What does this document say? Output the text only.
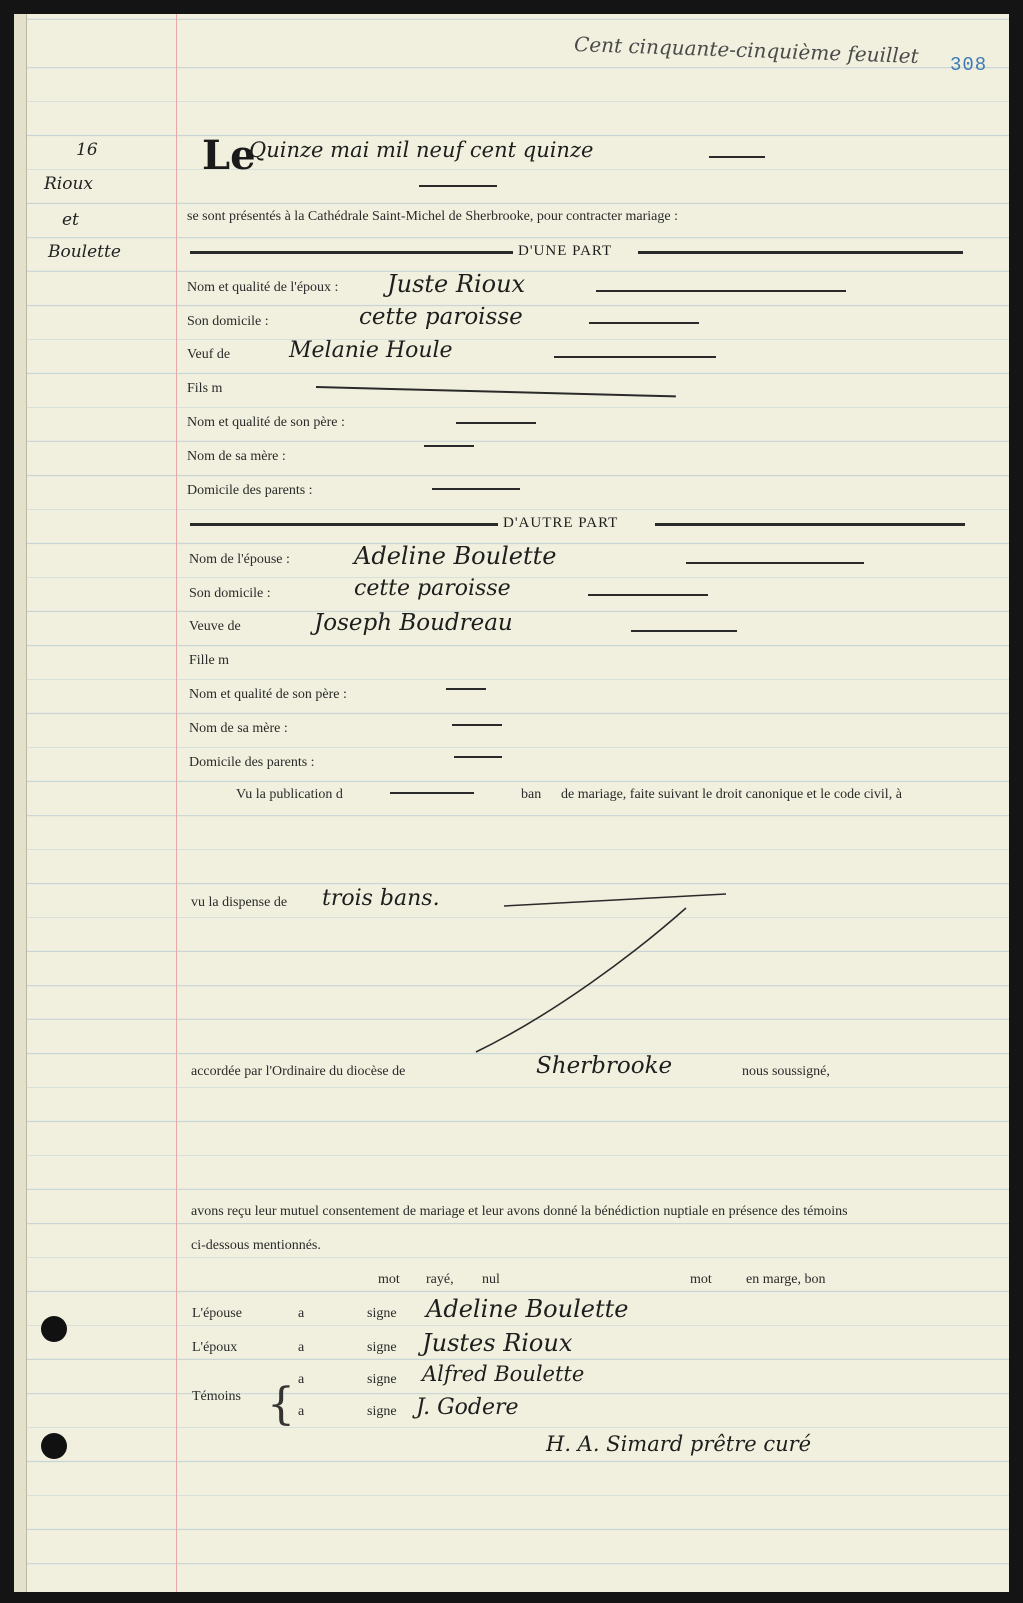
Cent cinquante-cinquième feuillet 308
16
Rioux
et
Boulette
Le
Quinze mai mil neuf cent quinze
se sont présentés à la Cathédrale Saint-Michel de Sherbrooke, pour contracter mariage :
D'UNE PART
Nom et qualité de l'époux : Juste Rioux
Son domicile :	cette paroisse
Veuf de	Melanie Houle
Fils m
Nom et qualité de son père :
Nom de sa mère :
Domicile des parents :
D'AUTRE PART
Nom de l'épouse :	Adeline Boulette
Son domicile :	cette paroisse
Veuve de	Joseph Boudreau
Fille m
Nom et qualité de son père :
Nom de sa mère :
Domicile des parents :
Vu la publication d	ban de mariage, faite suivant le droit canonique et le code civil, à
vu la dispense de trois bans.
accordée par l'Ordinaire du diocèse de	Sherbrooke	nous soussigné,
avons reçu leur mutuel consentement de mariage et leur avons donné la bénédiction nuptiale en présence des témoins
ci-dessous mentionnés.
mot rayé, nul	mot en marge, bon
L'épouse	a	signe Adeline Boulette
L'époux	a	signe Justes Rioux
Témoins { a	signe Alfred Boulette
a	signe J. Godere
H. A. Simard prêtre curé
